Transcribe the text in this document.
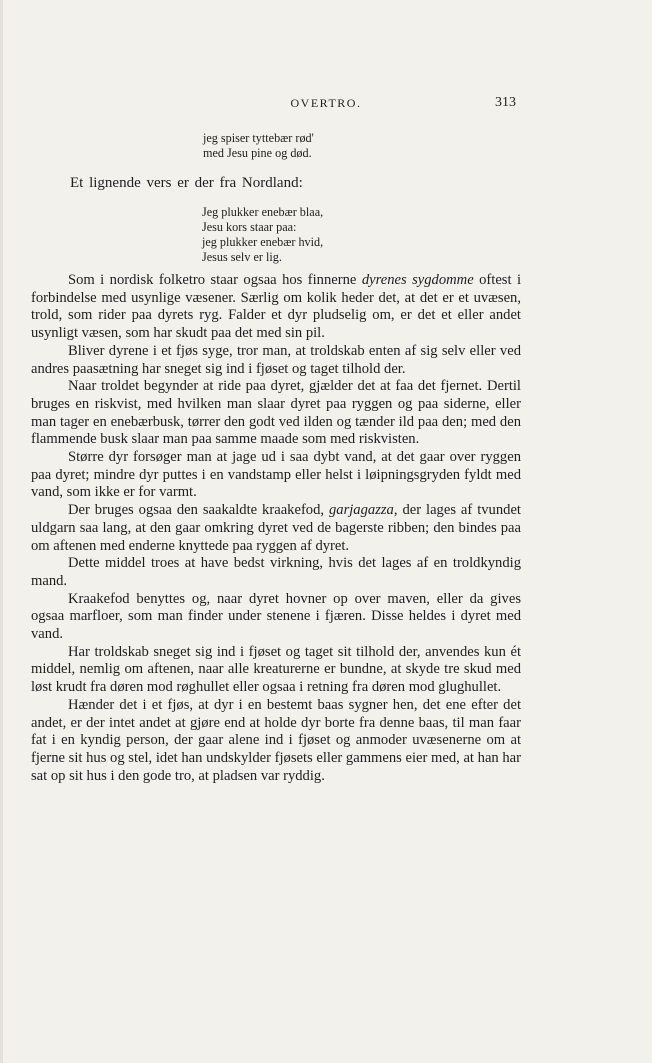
OVERTRO.	313
jeg spiser tyttebær rød'
med Jesu pine og død.
Et lignende vers er der fra Nordland:
Jeg plukker enebær blaa,
Jesu kors staar paa:
jeg plukker enebær hvid,
Jesus selv er lig.

Som i nordisk folketro staar ogsaa hos finnerne dyrenes sygdomme oftest i forbindelse med usynlige væsener. Særlig om kolik heder det, at det er et uvæsen, trold, som rider paa dyrets ryg. Falder et dyr pludselig om, er det et eller andet usynligt væsen, som har skudt paa det med sin pil.

Bliver dyrene i et fjøs syge, tror man, at troldskab enten af sig selv eller ved andres paasætning har sneget sig ind i fjøset og taget tilhold der.

Naar troldet begynder at ride paa dyret, gjælder det at faa det fjernet. Dertil bruges en riskvist, med hvilken man slaar dyret paa ryggen og paa siderne, eller man tager en enebærbusk, tørrer den godt ved ilden og tænder ild paa den; med den flammende busk slaar man paa samme maade som med riskvisten.

Større dyr forsøger man at jage ud i saa dybt vand, at det gaar over ryggen paa dyret; mindre dyr puttes i en vandstamp eller helst i løipningsgryden fyldt med vand, som ikke er for varmt.

Der bruges ogsaa den saakaldte kraakefod, garjagazza, der lages af tvundet uldgarn saa lang, at den gaar omkring dyret ved de bagerste ribben; den bindes paa om aftenen med enderne knyttede paa ryggen af dyret.

Dette middel troes at have bedst virkning, hvis det lages af en troldkyndig mand.

Kraakefod benyttes og, naar dyret hovner op over maven, eller da gives ogsaa marfloer, som man finder under stenene i fjæren. Disse heldes i dyret med vand.

Har troldskab sneget sig ind i fjøset og taget sit tilhold der, anvendes kun ét middel, nemlig om aftenen, naar alle kreaturerne er bundne, at skyde tre skud med løst krudt fra døren mod røghullet eller ogsaa i retning fra døren mod glughullet.

Hænder det i et fjøs, at dyr i en bestemt baas sygner hen, det ene efter det andet, er der intet andet at gjøre end at holde dyr borte fra denne baas, til man faar fat i en kyndig person, der gaar alene ind i fjøset og anmoder uvæsenerne om at fjerne sit hus og stel, idet han undskylder fjøsets eller gammens eier med, at han har sat op sit hus i den gode tro, at pladsen var ryddig.
